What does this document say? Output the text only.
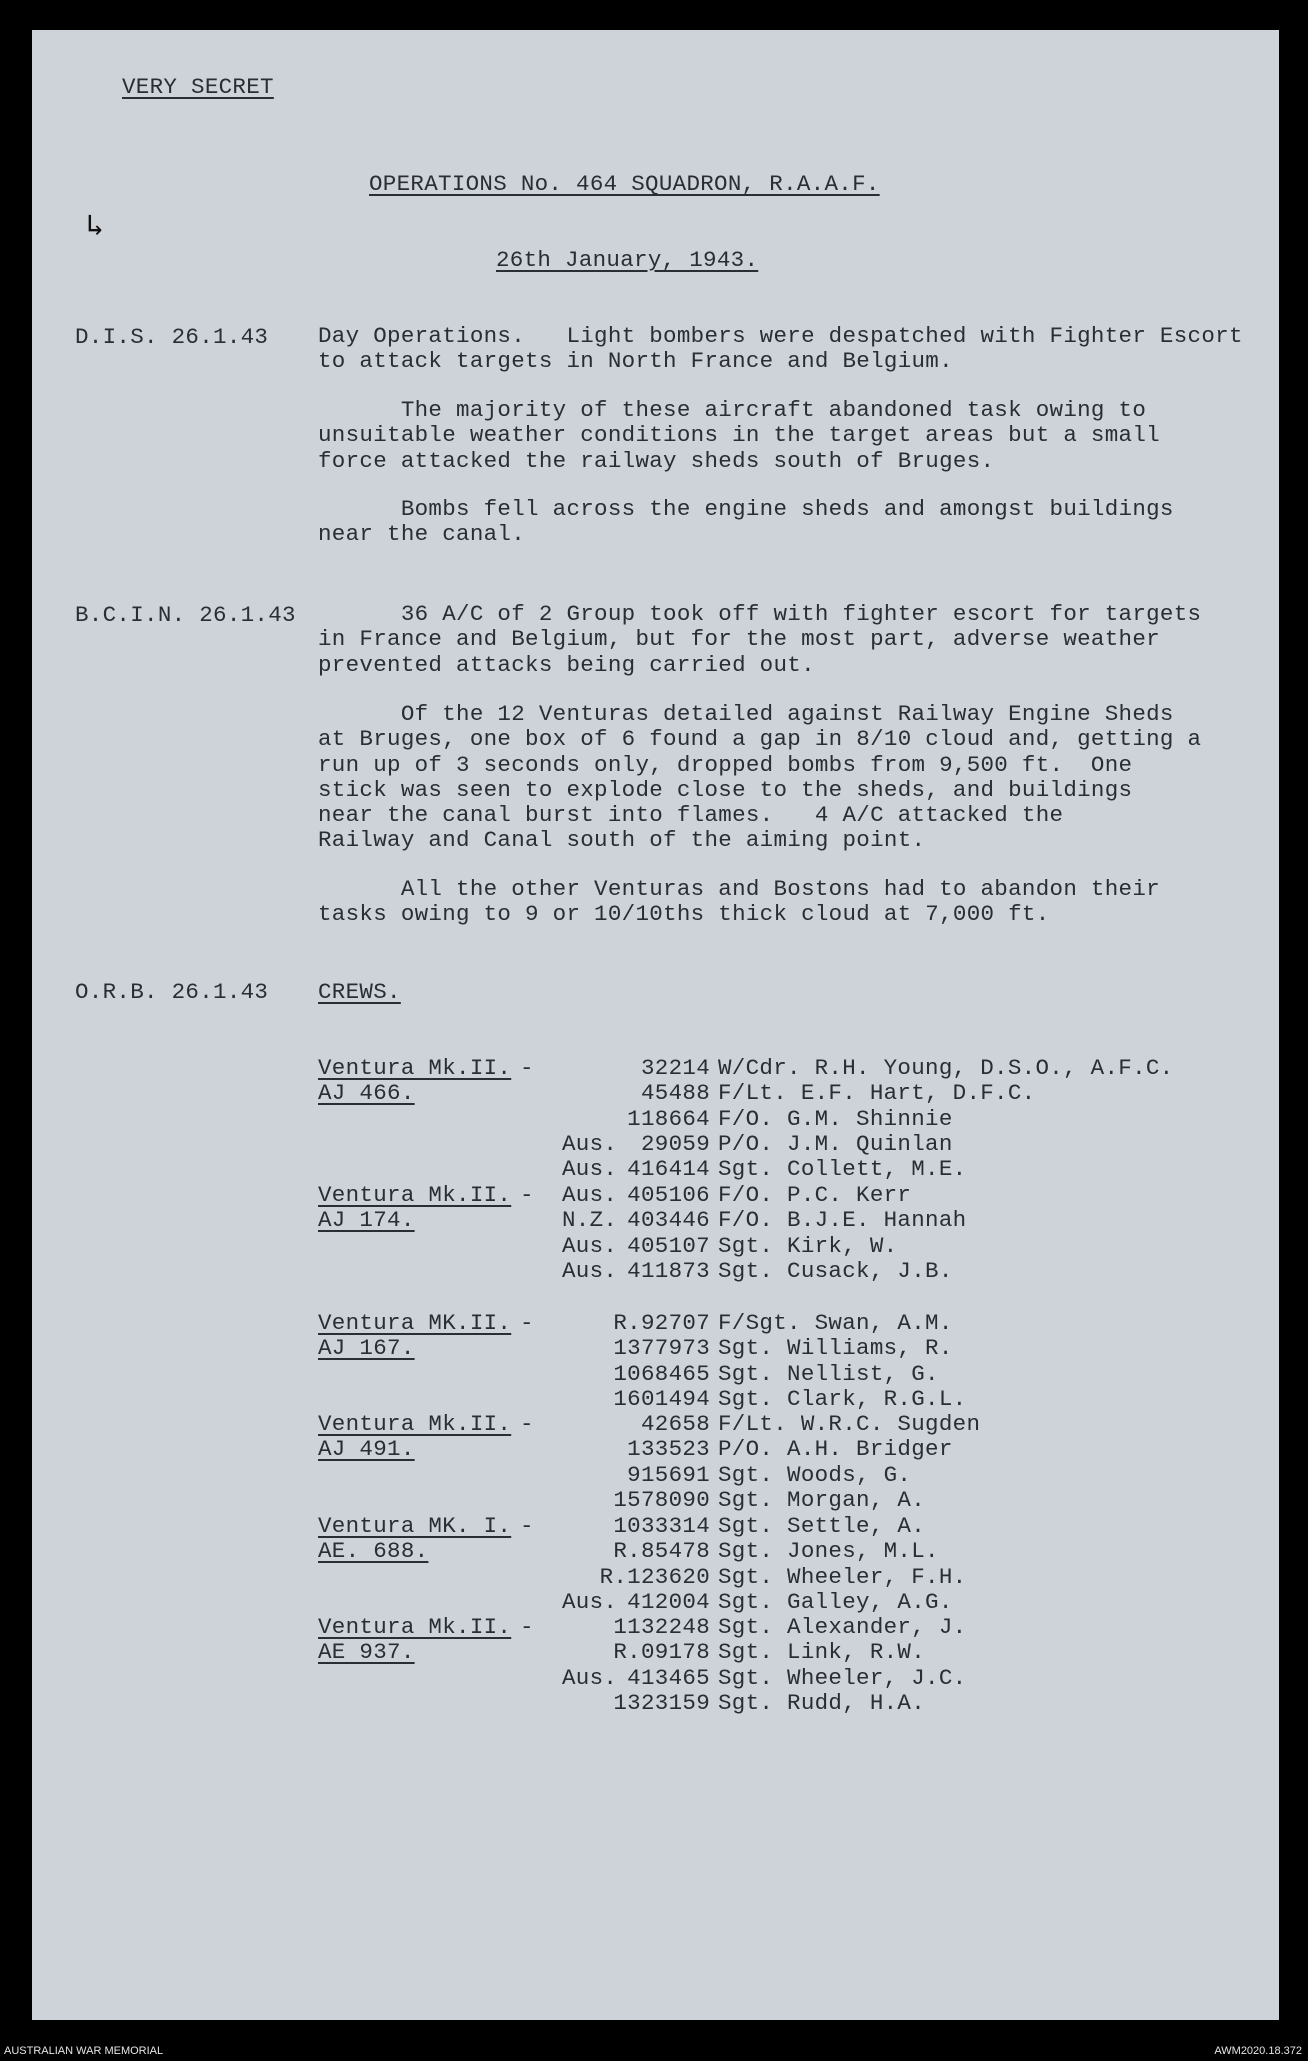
VERY SECRET
↳
OPERATIONS No. 464 SQUADRON, R.A.A.F.
26th January, 1943.
D.I.S. 26.1.43 Day Operations.   Light bombers were despatched with Fighter Escort
to attack targets in North France and Belgium.
The majority of these aircraft abandoned task owing to
unsuitable weather conditions in the target areas but a small
force attacked the railway sheds south of Bruges.
Bombs fell across the engine sheds and amongst buildings
near the canal.
B.C.I.N. 26.1.43	36 A/C of 2 Group took off with fighter escort for targets
in France and Belgium, but for the most part, adverse weather
prevented attacks being carried out.
Of the 12 Venturas detailed against Railway Engine Sheds
at Bruges, one box of 6 found a gap in 8/10 cloud and, getting a
run up of 3 seconds only, dropped bombs from 9,500 ft.  One
stick was seen to explode close to the sheds, and buildings
near the canal burst into flames.   4 A/C attacked the
Railway and Canal south of the aiming point.
All the other Venturas and Bostons had to abandon their
tasks owing to 9 or 10/10ths thick cloud at 7,000 ft.
O.R.B. 26.1.43 CREWS.
Ventura Mk.II. -
AJ 466.
32214 W/Cdr. R.H. Young, D.S.O., A.F.C.
45488 F/Lt. E.F. Hart, D.F.C.
118664 F/O. G.M. Shinnie
Aus.	29059 P/O. J.M. Quinlan
Aus. 416414 Sgt. Collett, M.E.
Ventura Mk.II. -
AJ 174.
Aus. 405106 F/O. P.C. Kerr
N.Z. 403446 F/O. B.J.E. Hannah
Aus. 405107 Sgt. Kirk, W.
Aus. 411873 Sgt. Cusack, J.B.
Ventura MK.II. -
AJ 167.
R.92707 F/Sgt. Swan, A.M.
1377973 Sgt. Williams, R.
1068465 Sgt. Nellist, G.
1601494 Sgt. Clark, R.G.L.
Ventura Mk.II. -
AJ 491.
42658 F/Lt. W.R.C. Sugden
133523 P/O. A.H. Bridger
915691 Sgt. Woods, G.
1578090 Sgt. Morgan, A.
Ventura MK. I. -
AE. 688.
1033314 Sgt. Settle, A.
R.85478 Sgt. Jones, M.L.
R.123620 Sgt. Wheeler, F.H.
Aus. 412004 Sgt. Galley, A.G.
Ventura Mk.II. -
AE 937.
1132248 Sgt. Alexander, J.
R.09178 Sgt. Link, R.W.
Aus. 413465 Sgt. Wheeler, J.C.
1323159 Sgt. Rudd, H.A.
AUSTRALIAN WAR MEMORIAL	AWM2020.18.372
